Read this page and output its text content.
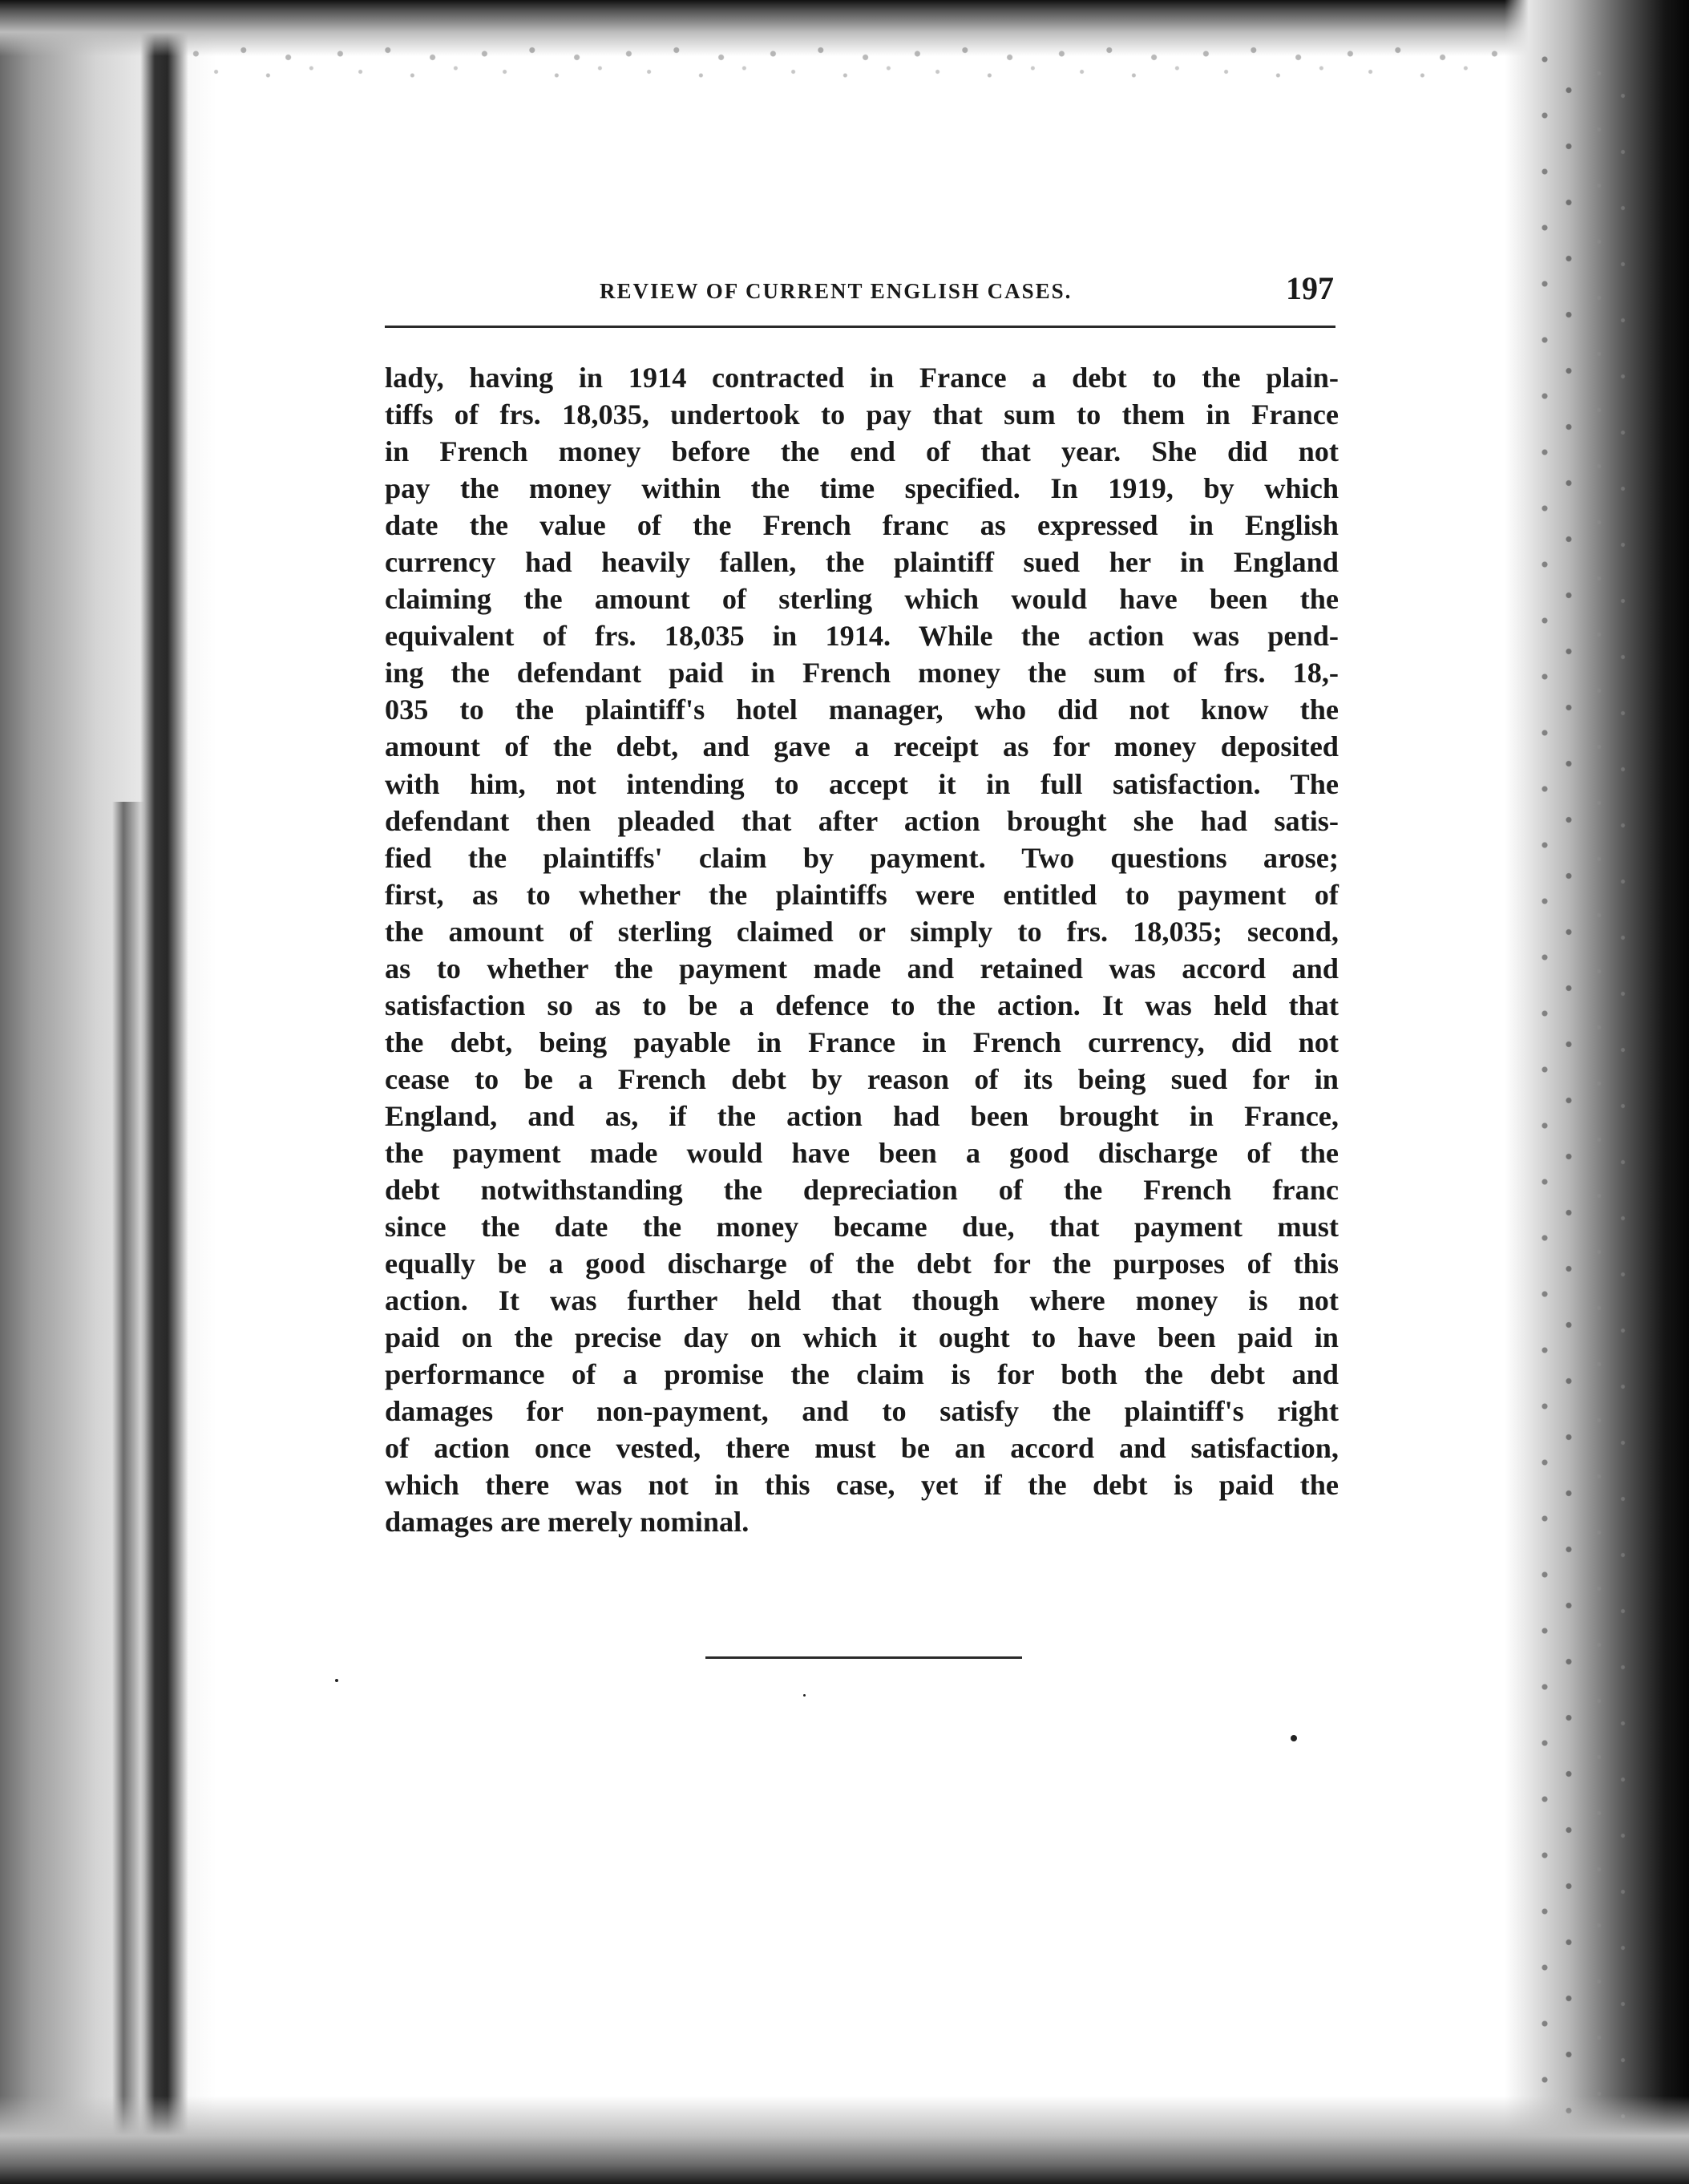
REVIEW OF CURRENT ENGLISH CASES.	197
lady, having in 1914 contracted in France a debt to the plain-
tiffs of frs. 18,035, undertook to pay that sum to them in France
in French money before the end of that year. She did not
pay the money within the time specified. In 1919, by which
date the value of the French franc as expressed in English
currency had heavily fallen, the plaintiff sued her in England
claiming the amount of sterling which would have been the
equivalent of frs. 18,035 in 1914. While the action was pend-
ing the defendant paid in French money the sum of frs. 18,-
035 to the plaintiff's hotel manager, who did not know the
amount of the debt, and gave a receipt as for money deposited
with him, not intending to accept it in full satisfaction. The
defendant then pleaded that after action brought she had satis-
fied the plaintiffs' claim by payment. Two questions arose;
first, as to whether the plaintiffs were entitled to payment of
the amount of sterling claimed or simply to frs. 18,035; second,
as to whether the payment made and retained was accord and
satisfaction so as to be a defence to the action. It was held that
the debt, being payable in France in French currency, did not
cease to be a French debt by reason of its being sued for in
England, and as, if the action had been brought in France,
the payment made would have been a good discharge of the
debt notwithstanding the depreciation of the French franc
since the date the money became due, that payment must
equally be a good discharge of the debt for the purposes of this
action. It was further held that though where money is not
paid on the precise day on which it ought to have been paid in
performance of a promise the claim is for both the debt and
damages for non-payment, and to satisfy the plaintiff's right
of action once vested, there must be an accord and satisfaction,
which there was not in this case, yet if the debt is paid the
damages are merely nominal.
